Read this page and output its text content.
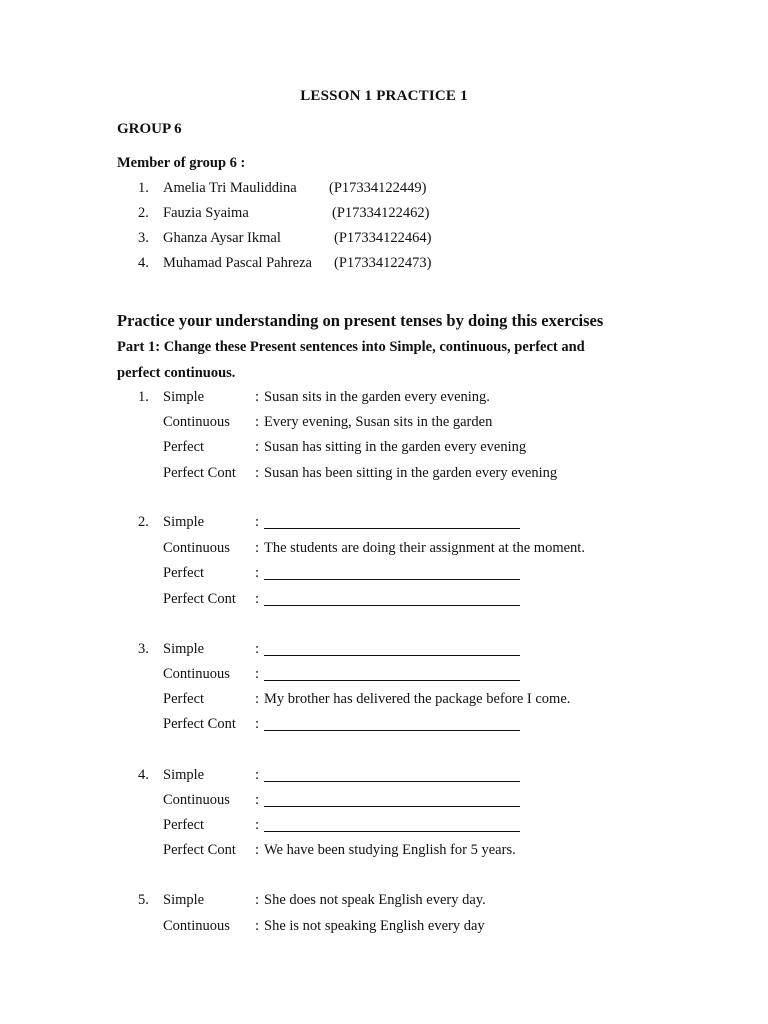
LESSON 1 PRACTICE 1
GROUP 6
Member of group 6 :
1. Amelia Tri Mauliddina (P17334122449)
2. Fauzia Syaima	(P17334122462)
3. Ghanza Aysar Ikmal	(P17334122464)
4. Muhamad Pascal Pahreza (P17334122473)
Practice your understanding on present tenses by doing this exercises
Part 1: Change these Present sentences into Simple, continuous, perfect and
perfect continuous.
1. Simple	: Susan sits in the garden every evening.
Continuous : Every evening, Susan sits in the garden
Perfect	: Susan has sitting in the garden every evening
Perfect Cont : Susan has been sitting in the garden every evening
2. Simple	:
Continuous : The students are doing their assignment at the moment.
Perfect	:
Perfect Cont :
3. Simple	:
Continuous :
Perfect	: My brother has delivered the package before I come.
Perfect Cont :
4. Simple	:
Continuous :
Perfect	:
Perfect Cont : We have been studying English for 5 years.
5. Simple	: She does not speak English every day.
Continuous : She is not speaking English every day
